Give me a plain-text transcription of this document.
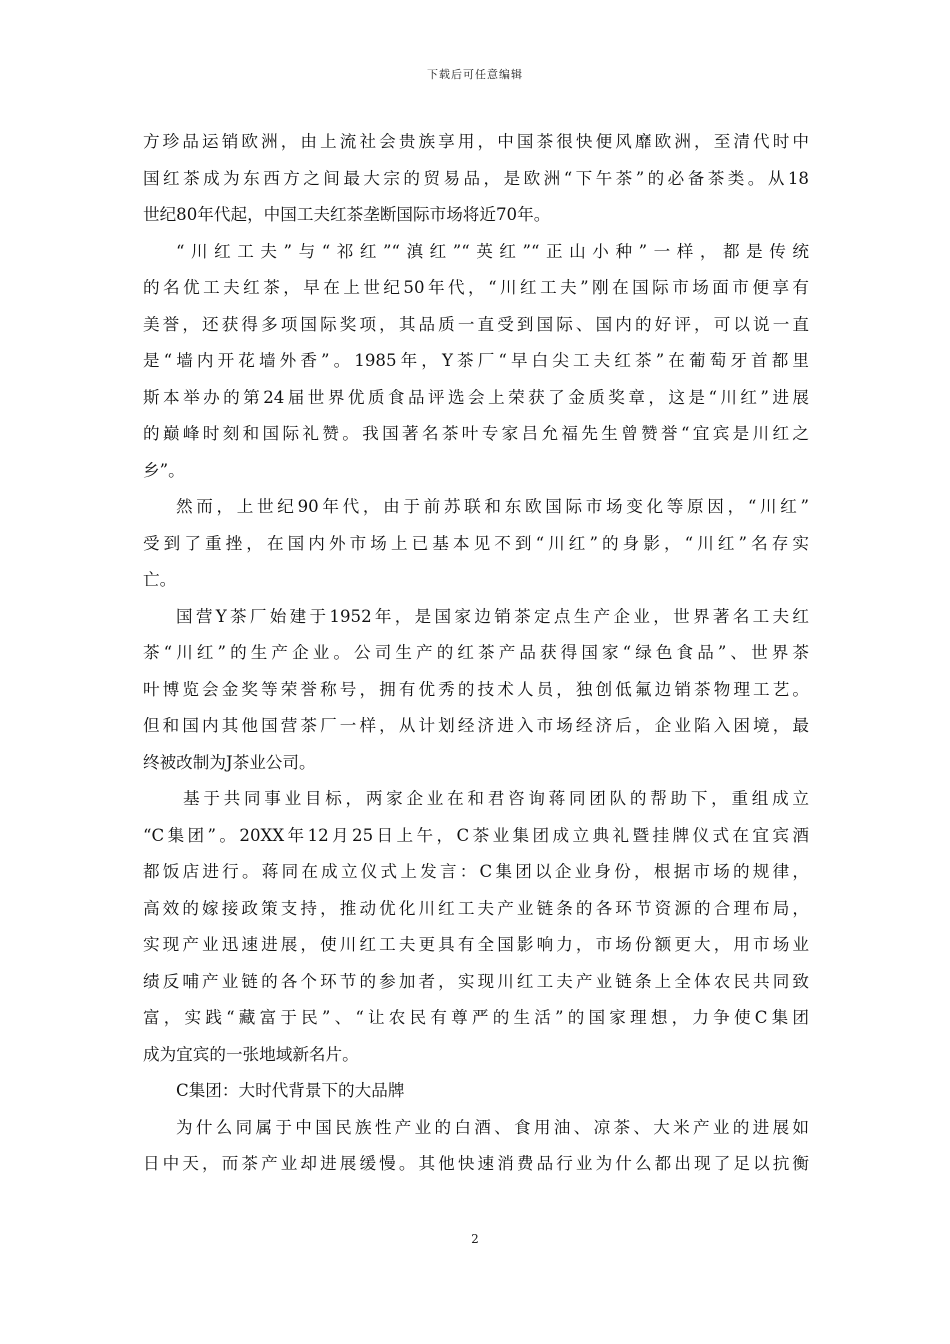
下载后可任意编辑
方珍品运销欧洲，由上流社会贵族享用，中国茶很快便风靡欧洲，至清代时中
国红茶成为东西方之间最大宗的贸易品，是欧洲“下午茶”的必备茶类。从18
世纪80年代起，中国工夫红茶垄断国际市场将近70年。
“川红工夫”与“祁红”“滇红”“英红”“正山小种”一样，都是传统
的名优工夫红茶，早在上世纪50年代，“川红工夫”刚在国际市场面市便享有
美誉，还获得多项国际奖项，其品质一直受到国际、国内的好评，可以说一直
是“墙内开花墙外香”。1985年，Y茶厂“早白尖工夫红茶”在葡萄牙首都里
斯本举办的第24届世界优质食品评选会上荣获了金质奖章，这是“川红”进展
的巅峰时刻和国际礼赞。我国著名茶叶专家吕允福先生曾赞誉“宜宾是川红之
乡”。
然而，上世纪90年代，由于前苏联和东欧国际市场变化等原因，“川红”
受到了重挫，在国内外市场上已基本见不到“川红”的身影，“川红”名存实
亡。
国营Y茶厂始建于1952年，是国家边销茶定点生产企业，世界著名工夫红
茶“川红”的生产企业。公司生产的红茶产品获得国家“绿色食品”、世界茶
叶博览会金奖等荣誉称号，拥有优秀的技术人员，独创低氟边销茶物理工艺。
但和国内其他国营茶厂一样，从计划经济进入市场经济后，企业陷入困境，最
终被改制为J茶业公司。
基于共同事业目标，两家企业在和君咨询蒋同团队的帮助下，重组成立
“C集团”。20XX年12月25日上午，C茶业集团成立典礼暨挂牌仪式在宜宾酒
都饭店进行。蒋同在成立仪式上发言：C集团以企业身份，根据市场的规律，
高效的嫁接政策支持，推动优化川红工夫产业链条的各环节资源的合理布局，
实现产业迅速进展，使川红工夫更具有全国影响力，市场份额更大，用市场业
绩反哺产业链的各个环节的参加者，实现川红工夫产业链条上全体农民共同致
富，实践“藏富于民”、“让农民有尊严的生活”的国家理想，力争使C集团
成为宜宾的一张地域新名片。
C集团：大时代背景下的大品牌
为什么同属于中国民族性产业的白酒、食用油、凉茶、大米产业的进展如
日中天，而茶产业却进展缓慢。其他快速消费品行业为什么都出现了足以抗衡
2
